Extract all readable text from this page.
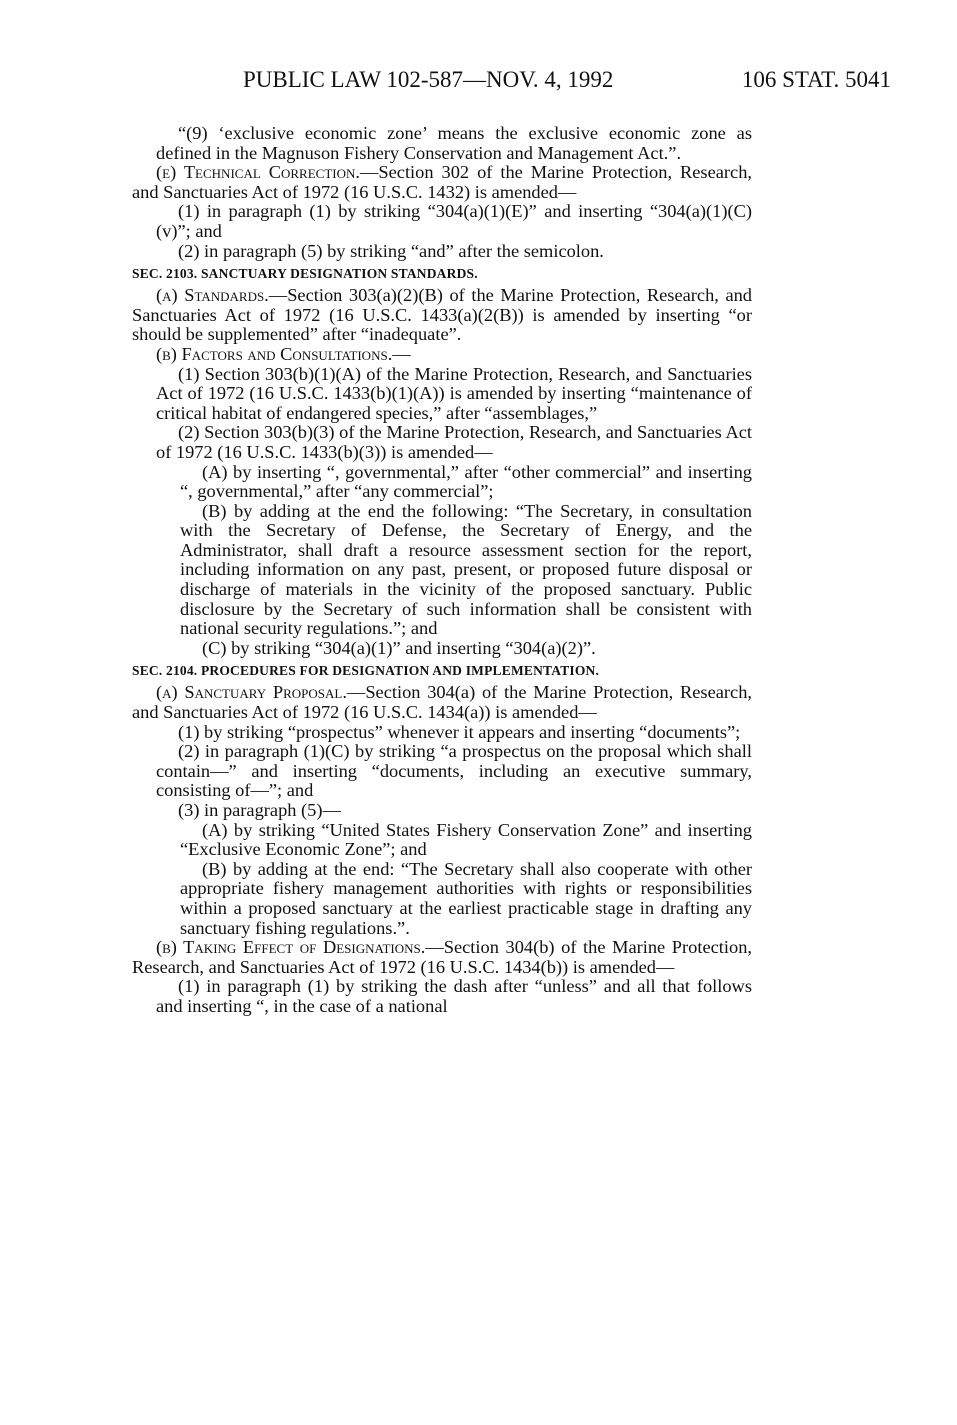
PUBLIC LAW 102-587—NOV. 4, 1992	106 STAT. 5041

“(9) ‘exclusive economic zone’ means the exclusive economic zone as defined in the Magnuson Fishery Conservation and Management Act.”.

(e) Technical Correction.—Section 302 of the Marine Protection, Research, and Sanctuaries Act of 1972 (16 U.S.C. 1432) is amended—

(1) in paragraph (1) by striking “304(a)(1)(E)” and inserting “304(a)(1)(C)(v)”; and

(2) in paragraph (5) by striking “and” after the semicolon.

SEC. 2103. SANCTUARY DESIGNATION STANDARDS.

(a) Standards.—Section 303(a)(2)(B) of the Marine Protection, Research, and Sanctuaries Act of 1972 (16 U.S.C. 1433(a)(2(B)) is amended by inserting “or should be supplemented” after “inadequate”.

(b) Factors and Consultations.—

(1) Section 303(b)(1)(A) of the Marine Protection, Research, and Sanctuaries Act of 1972 (16 U.S.C. 1433(b)(1)(A)) is amended by inserting “maintenance of critical habitat of endangered species,” after “assemblages,”

(2) Section 303(b)(3) of the Marine Protection, Research, and Sanctuaries Act of 1972 (16 U.S.C. 1433(b)(3)) is amended—

(A) by inserting “, governmental,” after “other commercial” and inserting “, governmental,” after “any commercial”;

(B) by adding at the end the following: “The Secretary, in consultation with the Secretary of Defense, the Secretary of Energy, and the Administrator, shall draft a resource assessment section for the report, including information on any past, present, or proposed future disposal or discharge of materials in the vicinity of the proposed sanctuary. Public disclosure by the Secretary of such information shall be consistent with national security regulations.”; and

(C) by striking “304(a)(1)” and inserting “304(a)(2)”.

SEC. 2104. PROCEDURES FOR DESIGNATION AND IMPLEMENTATION.

(a) Sanctuary Proposal.—Section 304(a) of the Marine Protection, Research, and Sanctuaries Act of 1972 (16 U.S.C. 1434(a)) is amended—

(1) by striking “prospectus” whenever it appears and inserting “documents”;

(2) in paragraph (1)(C) by striking “a prospectus on the proposal which shall contain—” and inserting “documents, including an executive summary, consisting of—”; and

(3) in paragraph (5)—

(A) by striking “United States Fishery Conservation Zone” and inserting “Exclusive Economic Zone”; and

(B) by adding at the end: “The Secretary shall also cooperate with other appropriate fishery management authorities with rights or responsibilities within a proposed sanctuary at the earliest practicable stage in drafting any sanctuary fishing regulations.”.

(b) Taking Effect of Designations.—Section 304(b) of the Marine Protection, Research, and Sanctuaries Act of 1972 (16 U.S.C. 1434(b)) is amended—

(1) in paragraph (1) by striking the dash after “unless” and all that follows and inserting “, in the case of a national
